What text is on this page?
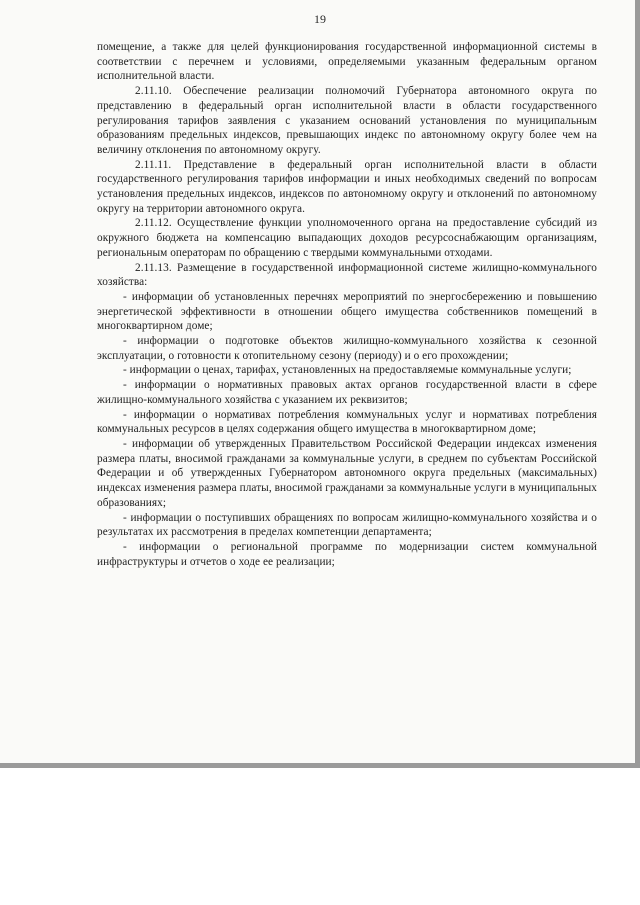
19

помещение, а также для целей функционирования государственной информационной системы в соответствии с перечнем и условиями, определяемыми указанным федеральным органом исполнительной власти.

2.11.10. Обеспечение реализации полномочий Губернатора автономного округа по представлению в федеральный орган исполнительной власти в области государственного регулирования тарифов заявления с указанием оснований установления по муниципальным образованиям предельных индексов, превышающих индекс по автономному округу более чем на величину отклонения по автономному округу.

2.11.11. Представление в федеральный орган исполнительной власти в области государственного регулирования тарифов информации и иных необходимых сведений по вопросам установления предельных индексов, индексов по автономному округу и отклонений по автономному округу на территории автономного округа.

2.11.12. Осуществление функции уполномоченного органа на предоставление субсидий из окружного бюджета на компенсацию выпадающих доходов ресурсоснабжающим организациям, региональным операторам по обращению с твердыми коммунальными отходами.

2.11.13. Размещение в государственной информационной системе жилищно-коммунального хозяйства:

- информации об установленных перечнях мероприятий по энергосбережению и повышению энергетической эффективности в отношении общего имущества собственников помещений в многоквартирном доме;

- информации о подготовке объектов жилищно-коммунального хозяйства к сезонной эксплуатации, о готовности к отопительному сезону (периоду) и о его прохождении;

- информации о ценах, тарифах, установленных на предоставляемые коммунальные услуги;

- информации о нормативных правовых актах органов государственной власти в сфере жилищно-коммунального хозяйства с указанием их реквизитов;

- информации о нормативах потребления коммунальных услуг и нормативах потребления коммунальных ресурсов в целях содержания общего имущества в многоквартирном доме;

- информации об утвержденных Правительством Российской Федерации индексах изменения размера платы, вносимой гражданами за коммунальные услуги, в среднем по субъектам Российской Федерации и об утвержденных Губернатором автономного округа предельных (максимальных) индексах изменения размера платы, вносимой гражданами за коммунальные услуги в муниципальных образованиях;

- информации о поступивших обращениях по вопросам жилищно-коммунального хозяйства и о результатах их рассмотрения в пределах компетенции департамента;

- информации о региональной программе по модернизации систем коммунальной инфраструктуры и отчетов о ходе ее реализации;
